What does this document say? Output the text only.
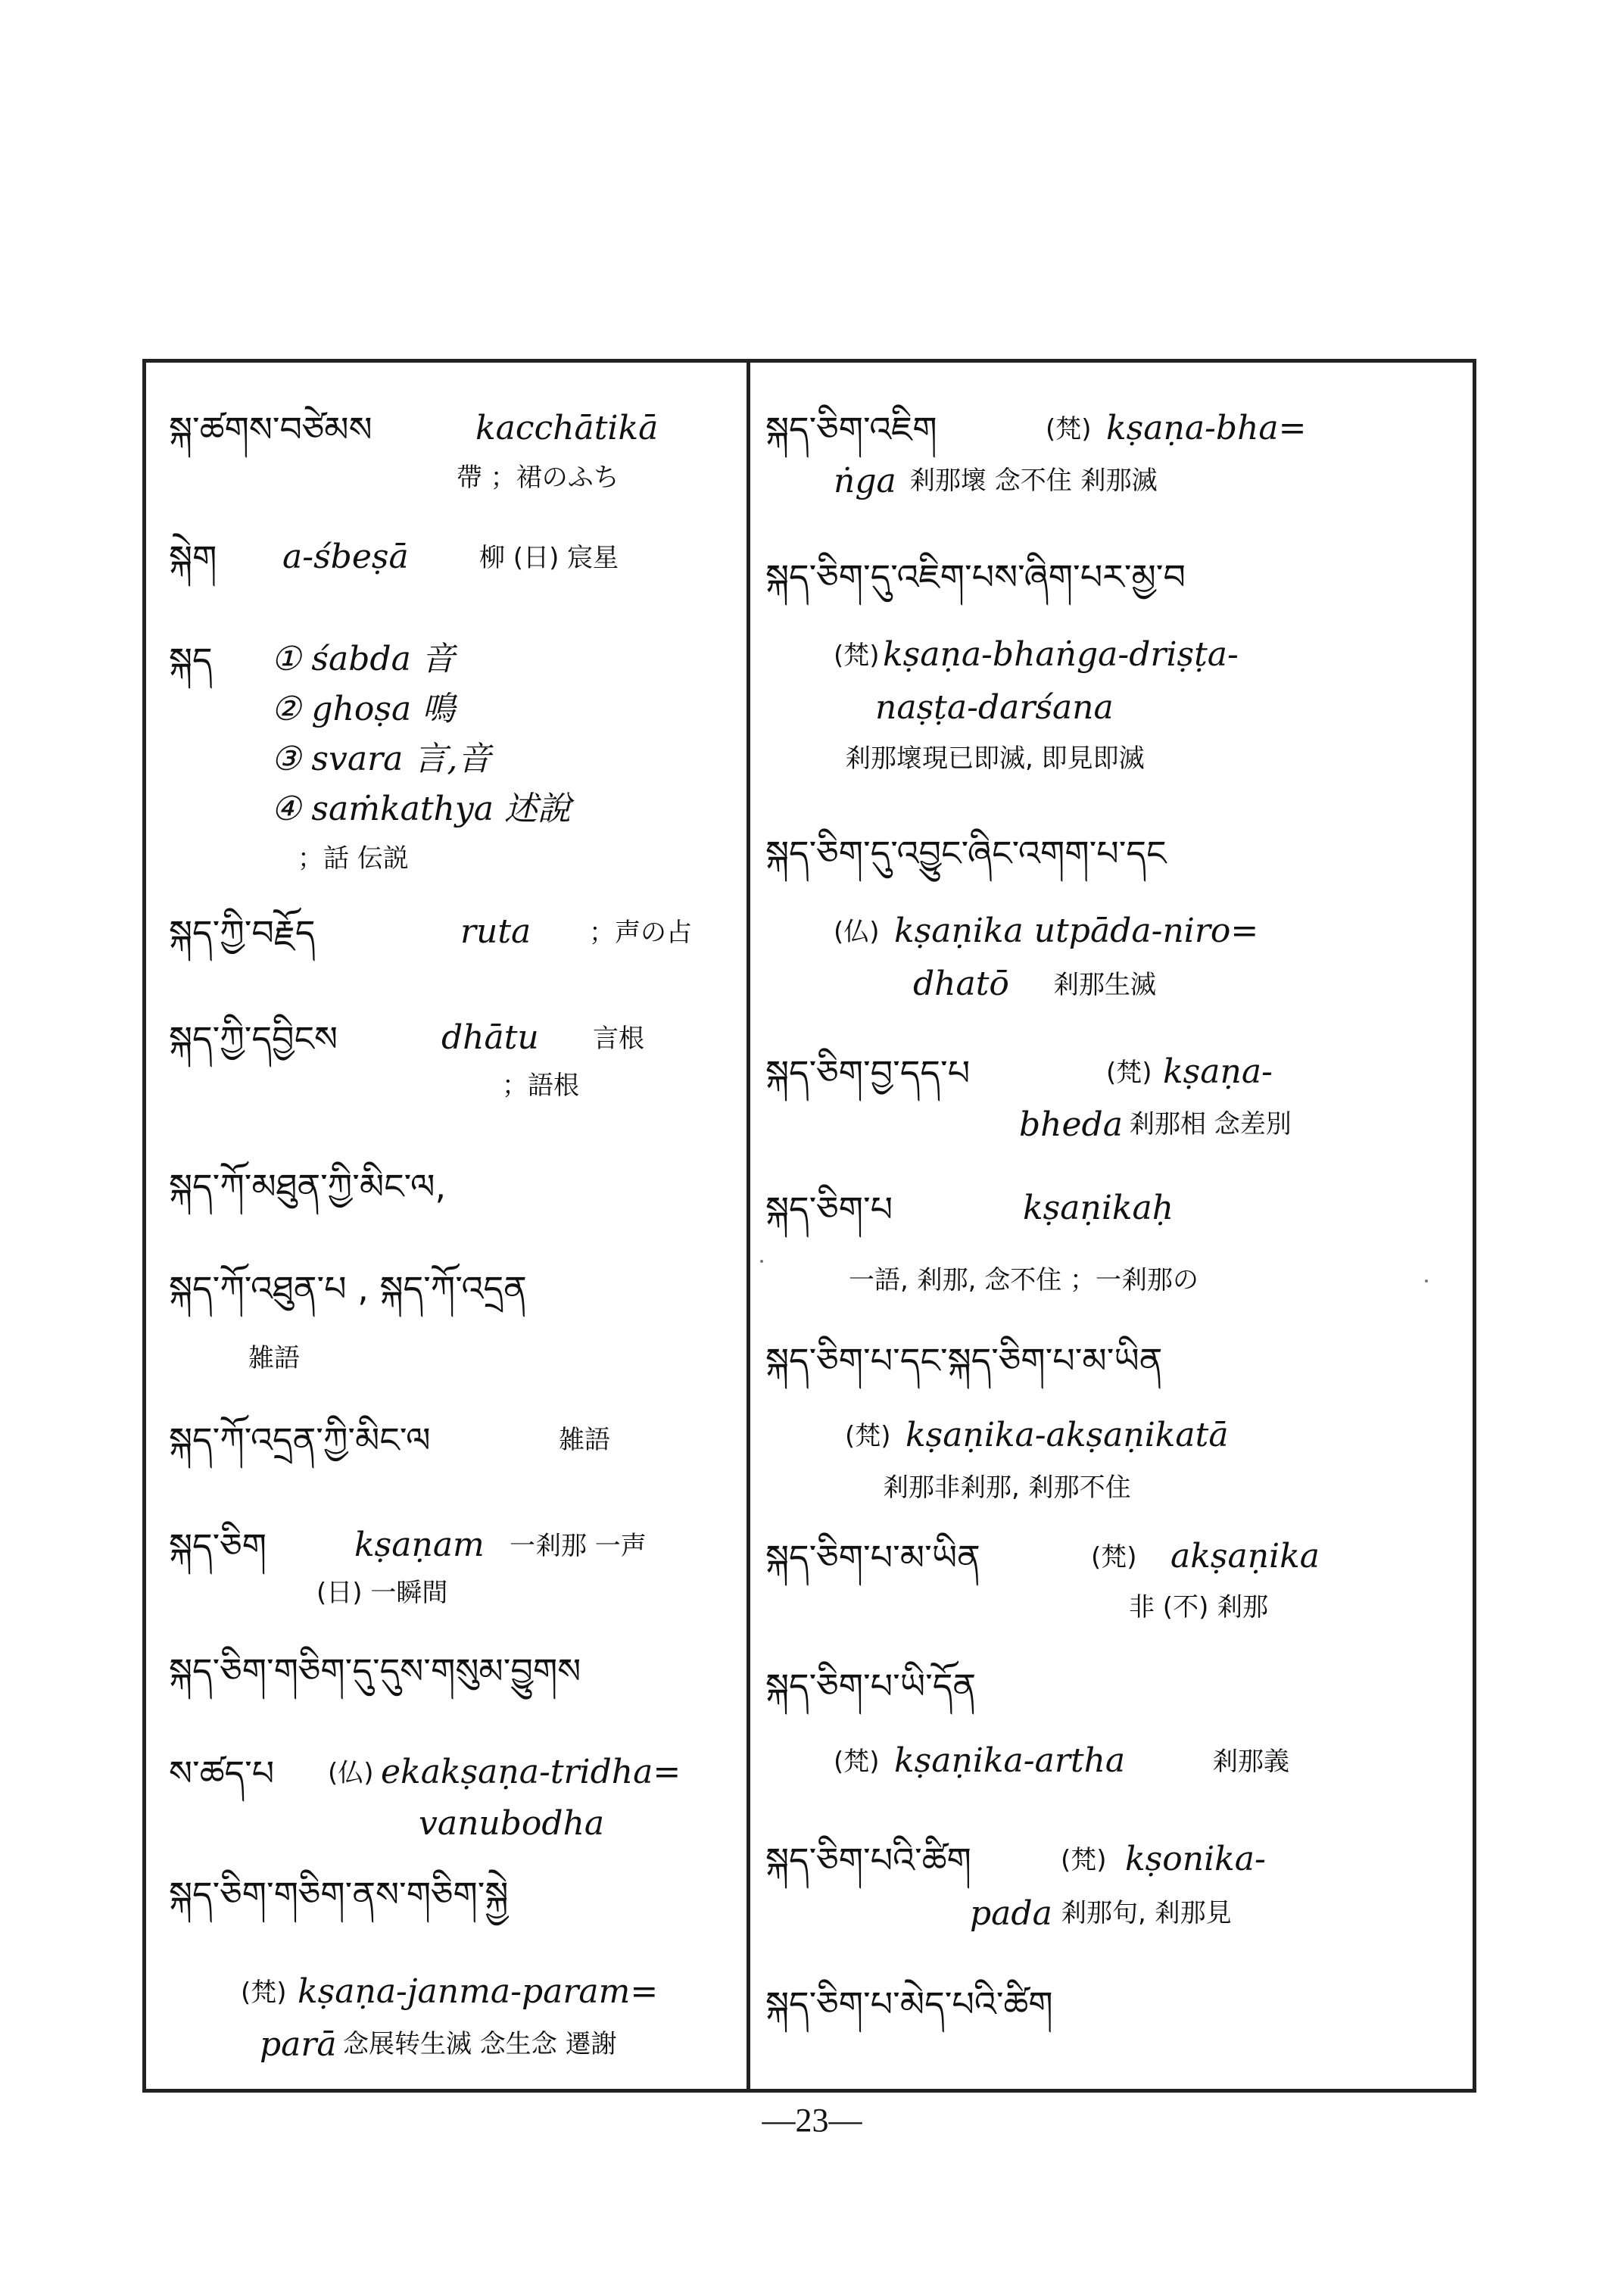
སྐ་ཚགས་བཙེམས	kacchātikā
帶 ；裙のふち
སྐེག a-śbeṣā	柳 (日) 宸星
སྐད ① śabda 音
② ghoṣa 鳴
③ svara 言,音
④ saṁkathya 述說
；話 伝説
སྐད་ཀྱི་བརྗོད	ruta ；声の占
སྐད་ཀྱི་དབྱིངས	dhātu 言根
；語根
སྐད་ཀོ་མཐུན་ཀྱི་མིང་ལ,
སྐད་ཀོ་འཐུན་པ , སྐད་ཀོ་འདྲན
雑語
སྐད་ཀོ་འདྲན་ཀྱི་མིང་ལ	雑語
སྐད་ཅིག	kṣaṇam 一剎那 一声
(日) 一瞬間
སྐད་ཅིག་གཅིག་དུ་དུས་གསུམ་བྱུགས
ས་ཚད་པ (仏) ekakṣaṇa-tridha=
vanubodha
སྐད་ཅིག་གཅིག་ནས་གཅིག་སྐྱེ
(梵) kṣaṇa-janma-param=
parā 念展转生滅 念生念 遷謝
སྐད་ཅིག་འཇིག	(梵) kṣaṇa-bha=
ṅga 剎那壞 念不住 剎那滅
སྐད་ཅིག་དུ་འཇིག་པས་ཞིག་པར་མྱ་བ
(梵) kṣaṇa-bhaṅga-driṣṭa-
naṣṭa-darśana
剎那壞現已即滅, 即見即滅
སྐད་ཅིག་དུ་འབྱུང་ཞིང་འགག་པ་དང
(仏) kṣaṇika utpāda-niro=
dhatō 剎那生滅
སྐད་ཅིག་བྱ་དད་པ	(梵) kṣaṇa-
bheda 剎那相 念差別
སྐད་ཅིག་པ	kṣaṇikaḥ
一語, 剎那, 念不住 ；一剎那の
སྐད་ཅིག་པ་དང་སྐད་ཅིག་པ་མ་ཡིན
(梵) kṣaṇika-akṣaṇikatā
剎那非剎那, 剎那不住
སྐད་ཅིག་པ་མ་ཡིན	(梵) akṣaṇika
非 (不) 剎那
སྐད་ཅིག་པ་ཡི་དོན
(梵) kṣaṇika-artha	剎那義
སྐད་ཅིག་པའི་ཚིག	(梵) kṣonika-
pada 剎那句, 剎那見
སྐད་ཅིག་པ་མེད་པའི་ཚིག
—23—
